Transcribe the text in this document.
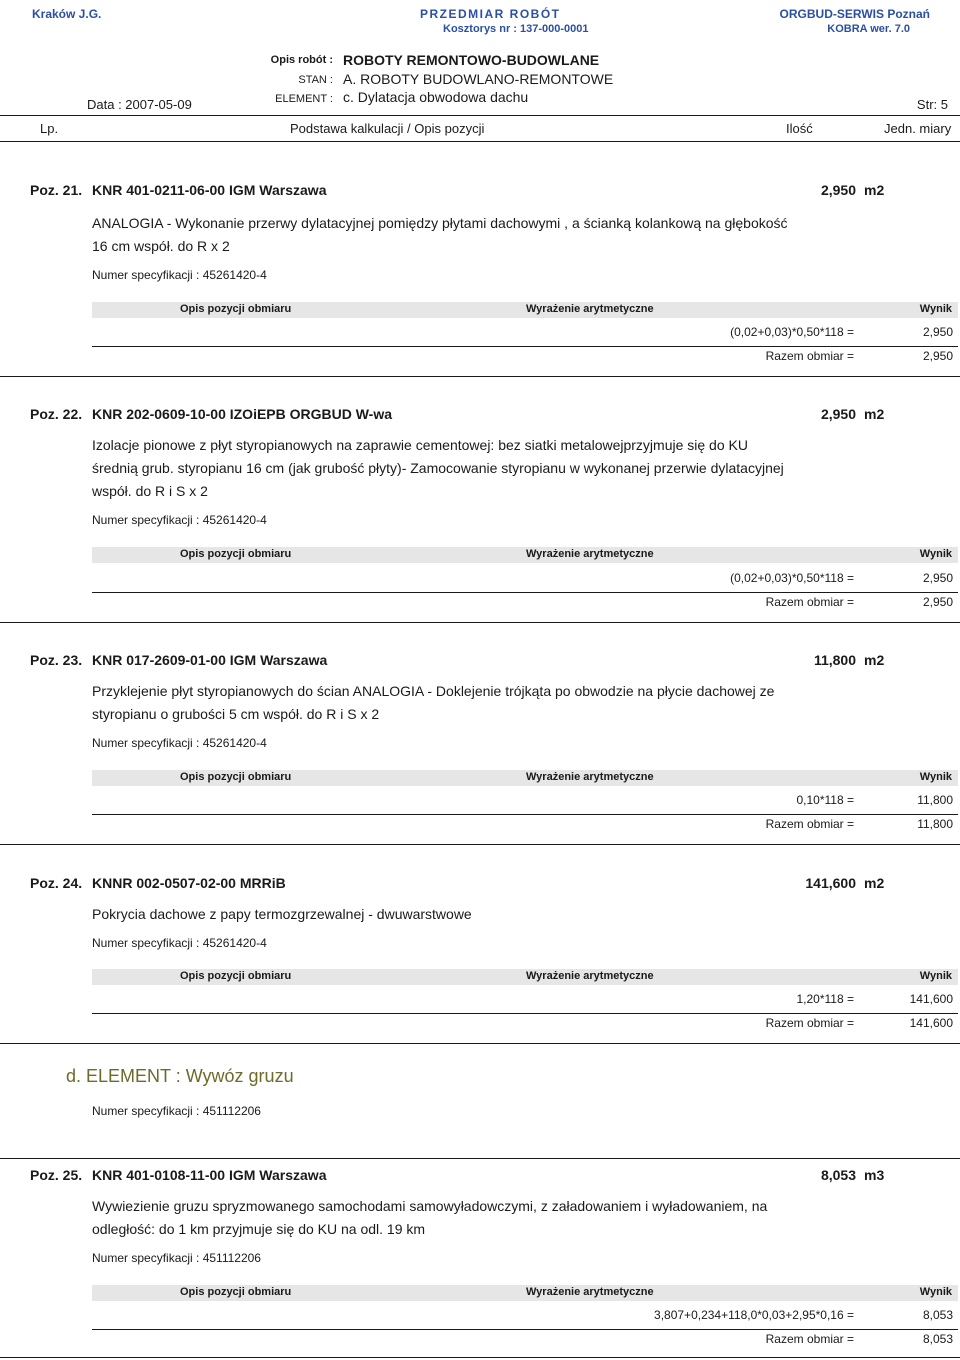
Kraków J.G.	PRZEDMIAR ROBÓT
Kosztorys nr : 137-000-0001
ORGBUD-SERWIS Poznań
KOBRA wer. 7.0
Opis robót : ROBOTY REMONTOWO-BUDOWLANE
STAN : A. ROBOTY BUDOWLANO-REMONTOWE
ELEMENT : c. Dylatacja obwodowa dachu
Data : 2007-05-09	Str: 5
Lp.	Podstawa kalkulacji / Opis pozycji	Ilość	Jedn. miary
Poz. 21. KNR 401-0211-06-00 IGM Warszawa	2,950 m2
ANALOGIA - Wykonanie przerwy dylatacyjnej pomiędzy płytami dachowymi , a ścianką kolankową na głębokość 16 cm współ. do R x 2
Numer specyfikacji : 45261420-4
Opis pozycji obmiaru	Wyrażenie arytmetyczne	Wynik
(0,02+0,03)*0,50*118 =	2,950
Razem obmiar =	2,950
Poz. 22. KNR 202-0609-10-00 IZOiEPB ORGBUD W-wa	2,950 m2
Izolacje pionowe z płyt styropianowych na zaprawie cementowej: bez siatki metalowejprzyjmuje się do KU średnią grub. styropianu 16 cm (jak grubość płyty)- Zamocowanie styropianu w wykonanej przerwie dylatacyjnej współ. do R i S x 2
Numer specyfikacji : 45261420-4
Opis pozycji obmiaru	Wyrażenie arytmetyczne	Wynik
(0,02+0,03)*0,50*118 =	2,950
Razem obmiar =	2,950
Poz. 23. KNR 017-2609-01-00 IGM Warszawa	11,800 m2
Przyklejenie płyt styropianowych do ścian ANALOGIA - Doklejenie trójkąta po obwodzie na płycie dachowej ze styropianu o grubości 5 cm współ. do R i S x 2
Numer specyfikacji : 45261420-4
Opis pozycji obmiaru	Wyrażenie arytmetyczne	Wynik
0,10*118 =	11,800
Razem obmiar =	11,800
Poz. 24. KNNR 002-0507-02-00 MRRiB	141,600 m2
Pokrycia dachowe z papy termozgrzewalnej - dwuwarstwowe
Numer specyfikacji : 45261420-4
Opis pozycji obmiaru	Wyrażenie arytmetyczne	Wynik
1,20*118 =	141,600
Razem obmiar =	141,600
d. ELEMENT : Wywóz gruzu
Numer specyfikacji : 451112206
Poz. 25. KNR 401-0108-11-00 IGM Warszawa	8,053 m3
Wywiezienie gruzu spryzmowanego samochodami samowyładowczymi, z załadowaniem i wyładowaniem, na odległość: do 1 km przyjmuje się do KU na odl. 19 km
Numer specyfikacji : 451112206
Opis pozycji obmiaru	Wyrażenie arytmetyczne	Wynik
3,807+0,234+118,0*0,03+2,95*0,16 =	8,053
Razem obmiar =	8,053
